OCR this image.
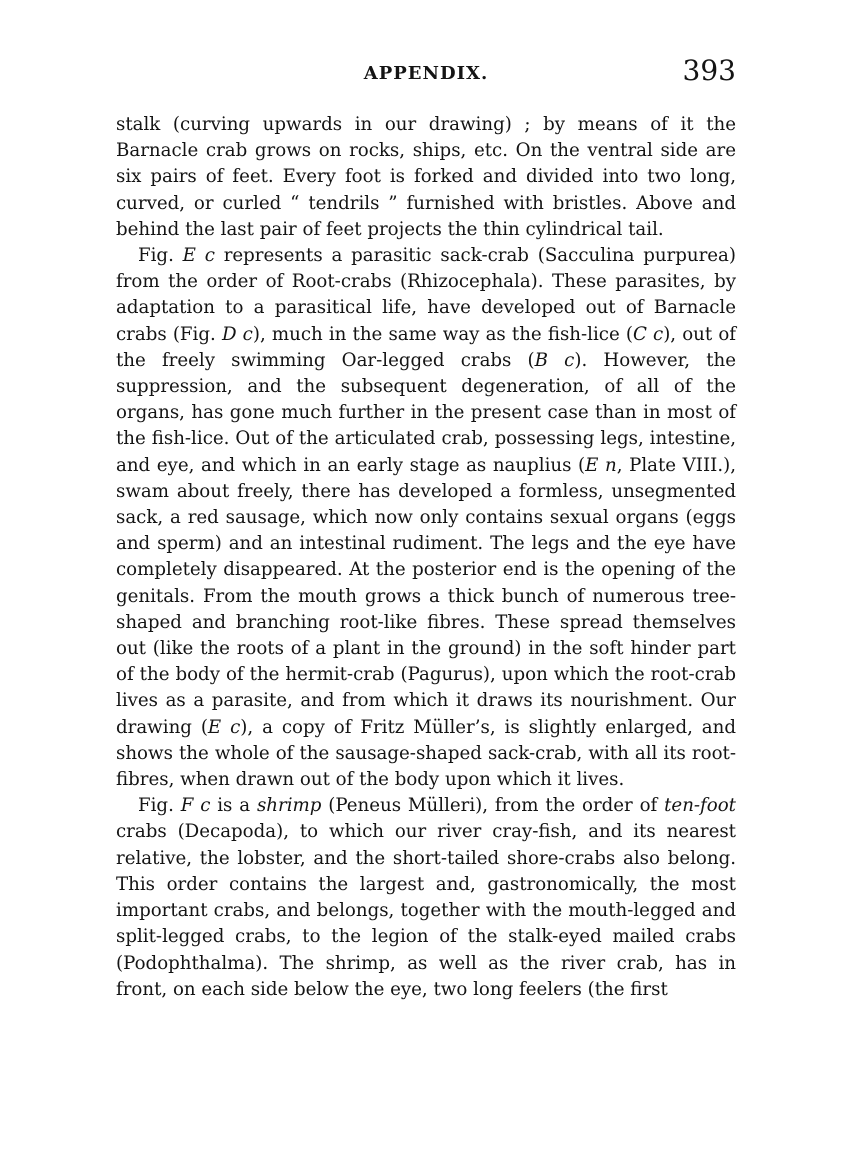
APPENDIX.	393

stalk (curving upwards in our drawing) ; by means of it the Barnacle crab grows on rocks, ships, etc. On the ventral side are six pairs of feet. Every foot is forked and divided into two long, curved, or curled “ tendrils ” furnished with bristles. Above and behind the last pair of feet projects the thin cylindrical tail.

Fig. E c represents a parasitic sack-crab (Sacculina purpurea) from the order of Root-crabs (Rhizocephala). These parasites, by adaptation to a parasitical life, have developed out of Barnacle crabs (Fig. D c), much in the same way as the fish-lice (C c), out of the freely swimming Oar-legged crabs (B c). However, the suppression, and the subsequent degeneration, of all of the organs, has gone much further in the present case than in most of the fish-lice. Out of the articulated crab, possessing legs, intestine, and eye, and which in an early stage as nauplius (E n, Plate VIII.), swam about freely, there has developed a formless, unsegmented sack, a red sausage, which now only contains sexual organs (eggs and sperm) and an intestinal rudiment. The legs and the eye have completely disappeared. At the posterior end is the opening of the genitals. From the mouth grows a thick bunch of numerous tree-shaped and branching root-like fibres. These spread themselves out (like the roots of a plant in the ground) in the soft hinder part of the body of the hermit-crab (Pagurus), upon which the root-crab lives as a parasite, and from which it draws its nourishment. Our drawing (E c), a copy of Fritz Müller’s, is slightly enlarged, and shows the whole of the sausage-shaped sack-crab, with all its root-fibres, when drawn out of the body upon which it lives.

Fig. F c is a shrimp (Peneus Mülleri), from the order of ten-foot crabs (Decapoda), to which our river cray-fish, and its nearest relative, the lobster, and the short-tailed shore-crabs also belong. This order contains the largest and, gastronomically, the most important crabs, and belongs, together with the mouth-legged and split-legged crabs, to the legion of the stalk-eyed mailed crabs (Podophthalma). The shrimp, as well as the river crab, has in front, on each side below the eye, two long feelers (the first
